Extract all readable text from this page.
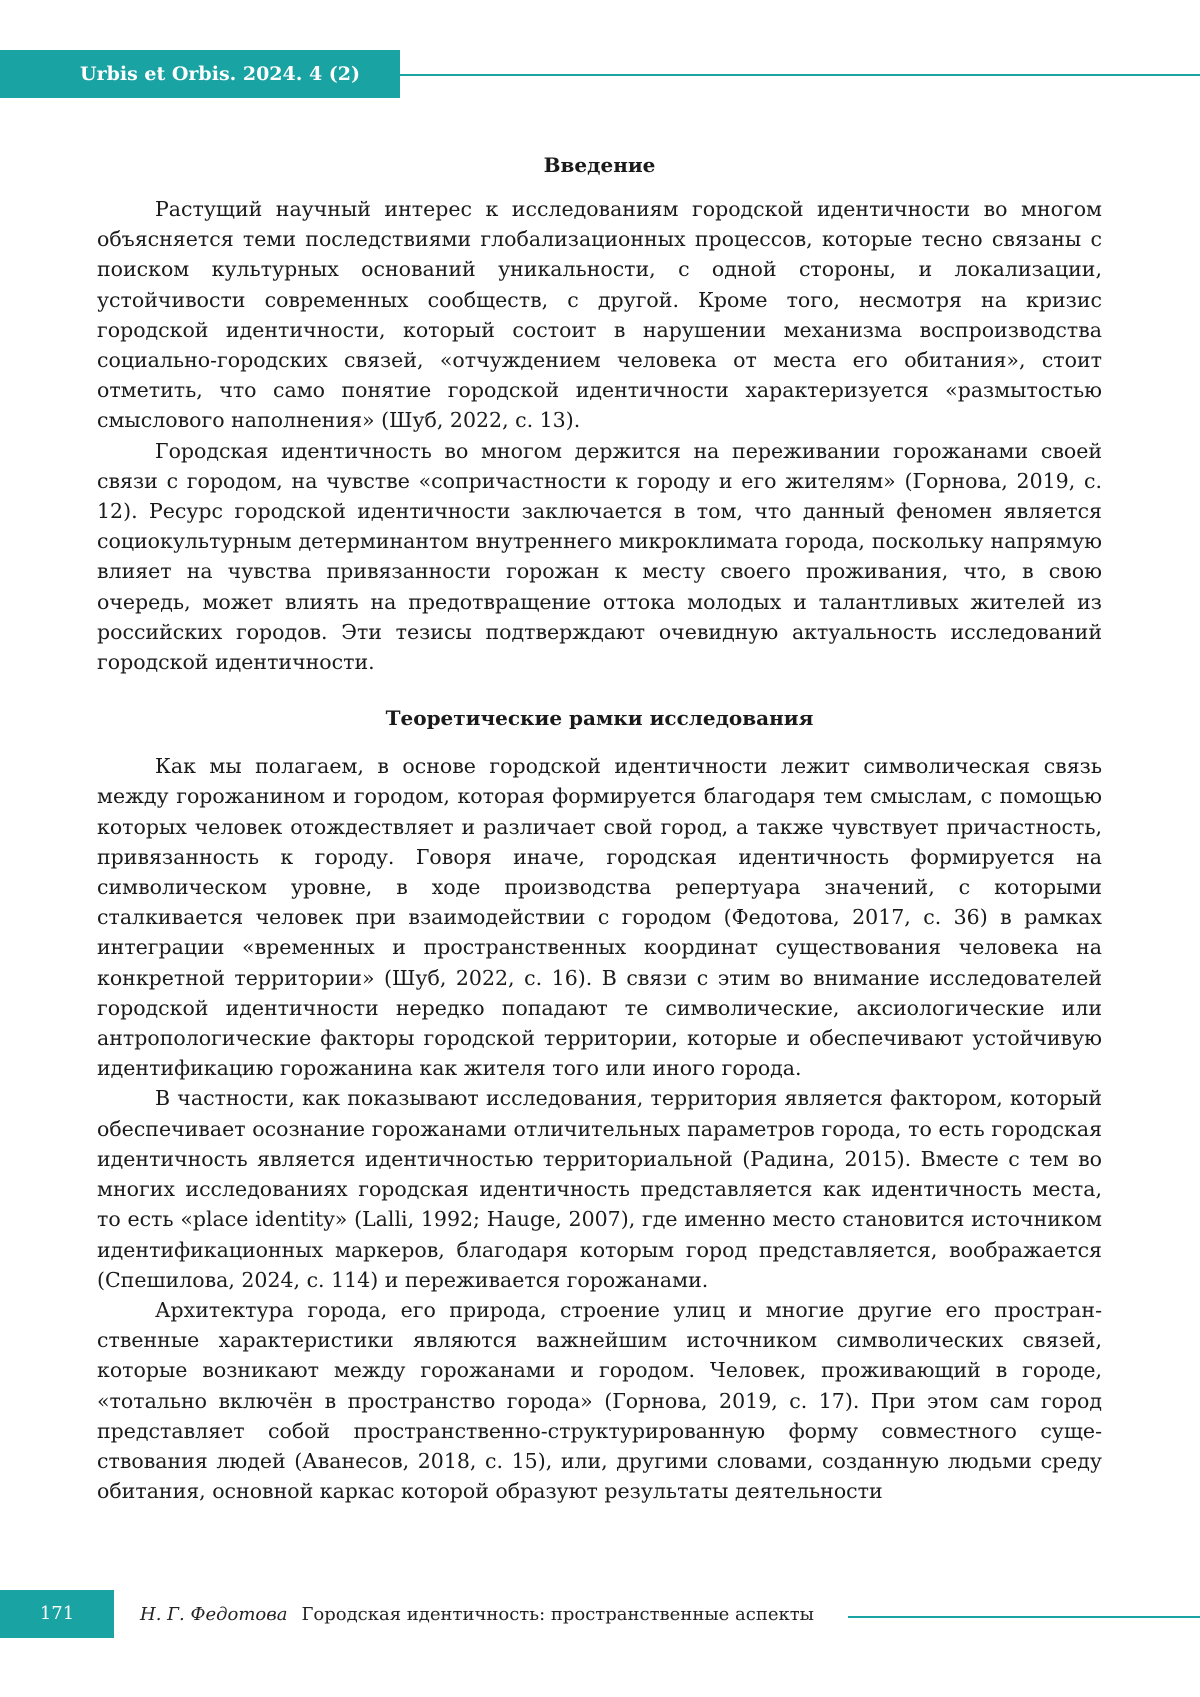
Urbis et Orbis. 2024. 4 (2)
Введение

Растущий научный интерес к исследованиям городской идентичности во многом объясняется теми последствиями глобализационных процессов, которые тесно связаны с поиском культурных оснований уникальности, с одной стороны, и локализации, устойчивости современных сообществ, с другой. Кроме того, несмотря на кризис городской идентичности, который состоит в нарушении механизма воспроизводства социально-городских связей, «отчуждением человека от места его обитания», стоит отметить, что само понятие городской идентичности характеризуется «размытостью смыслового наполнения» (Шуб, 2022, с. 13).

Городская идентичность во многом держится на переживании горожанами своей связи с городом, на чувстве «сопричастности к городу и его жителям» (Горнова, 2019, с. 12). Ресурс городской идентичности заключается в том, что данный феномен является социокультурным детерминантом внутреннего микроклимата города, поскольку напрямую влияет на чувства привязанности горожан к месту своего проживания, что, в свою очередь, может влиять на предотвращение оттока молодых и талантливых жителей из российских городов. Эти тезисы подтверждают очевидную актуальность исследований городской идентичности.

Теоретические рамки исследования

Как мы полагаем, в основе городской идентичности лежит символическая связь между горожанином и городом, которая формируется благодаря тем смыслам, с помощью которых человек отождествляет и различает свой город, а также чувствует причастность, привязанность к городу. Говоря иначе, городская идентичность формируется на символическом уровне, в ходе производства репертуара значений, с которыми сталкивается человек при взаимодействии с городом (Федотова, 2017, с. 36) в рамках интеграции «временных и пространственных координат существования человека на конкретной территории» (Шуб, 2022, с. 16). В связи с этим во внимание исследователей городской идентичности нередко попадают те символические, аксиологические или антропологические факторы городской территории, которые и обеспечивают устойчивую идентификацию горожанина как жителя того или иного города.

В частности, как показывают исследования, территория является фактором, который обеспечивает осознание горожанами отличительных параметров города, то есть городская идентичность является идентичностью территориальной (Радина, 2015). Вместе с тем во многих исследованиях городская идентичность представляется как идентичность места, то есть «place identity» (Lalli, 1992; Hauge, 2007), где именно место становится источником идентификационных маркеров, благодаря которым город представляется, воображается (Спешилова, 2024, с. 114) и переживается горожанами.

Архитектура города, его природа, строение улиц и многие другие его пространственные характеристики являются важнейшим источником символических связей, которые возникают между горожанами и городом. Человек, проживающий в городе, «тотально включён в пространство города» (Горнова, 2019, с. 17). При этом сам город представляет собой пространственно-структурированную форму совместного существования людей (Аванесов, 2018, с. 15), или, другими словами, созданную людьми среду обитания, основной каркас которой образуют результаты деятельности

171	Н. Г. Федотова Городская идентичность: пространственные аспекты
